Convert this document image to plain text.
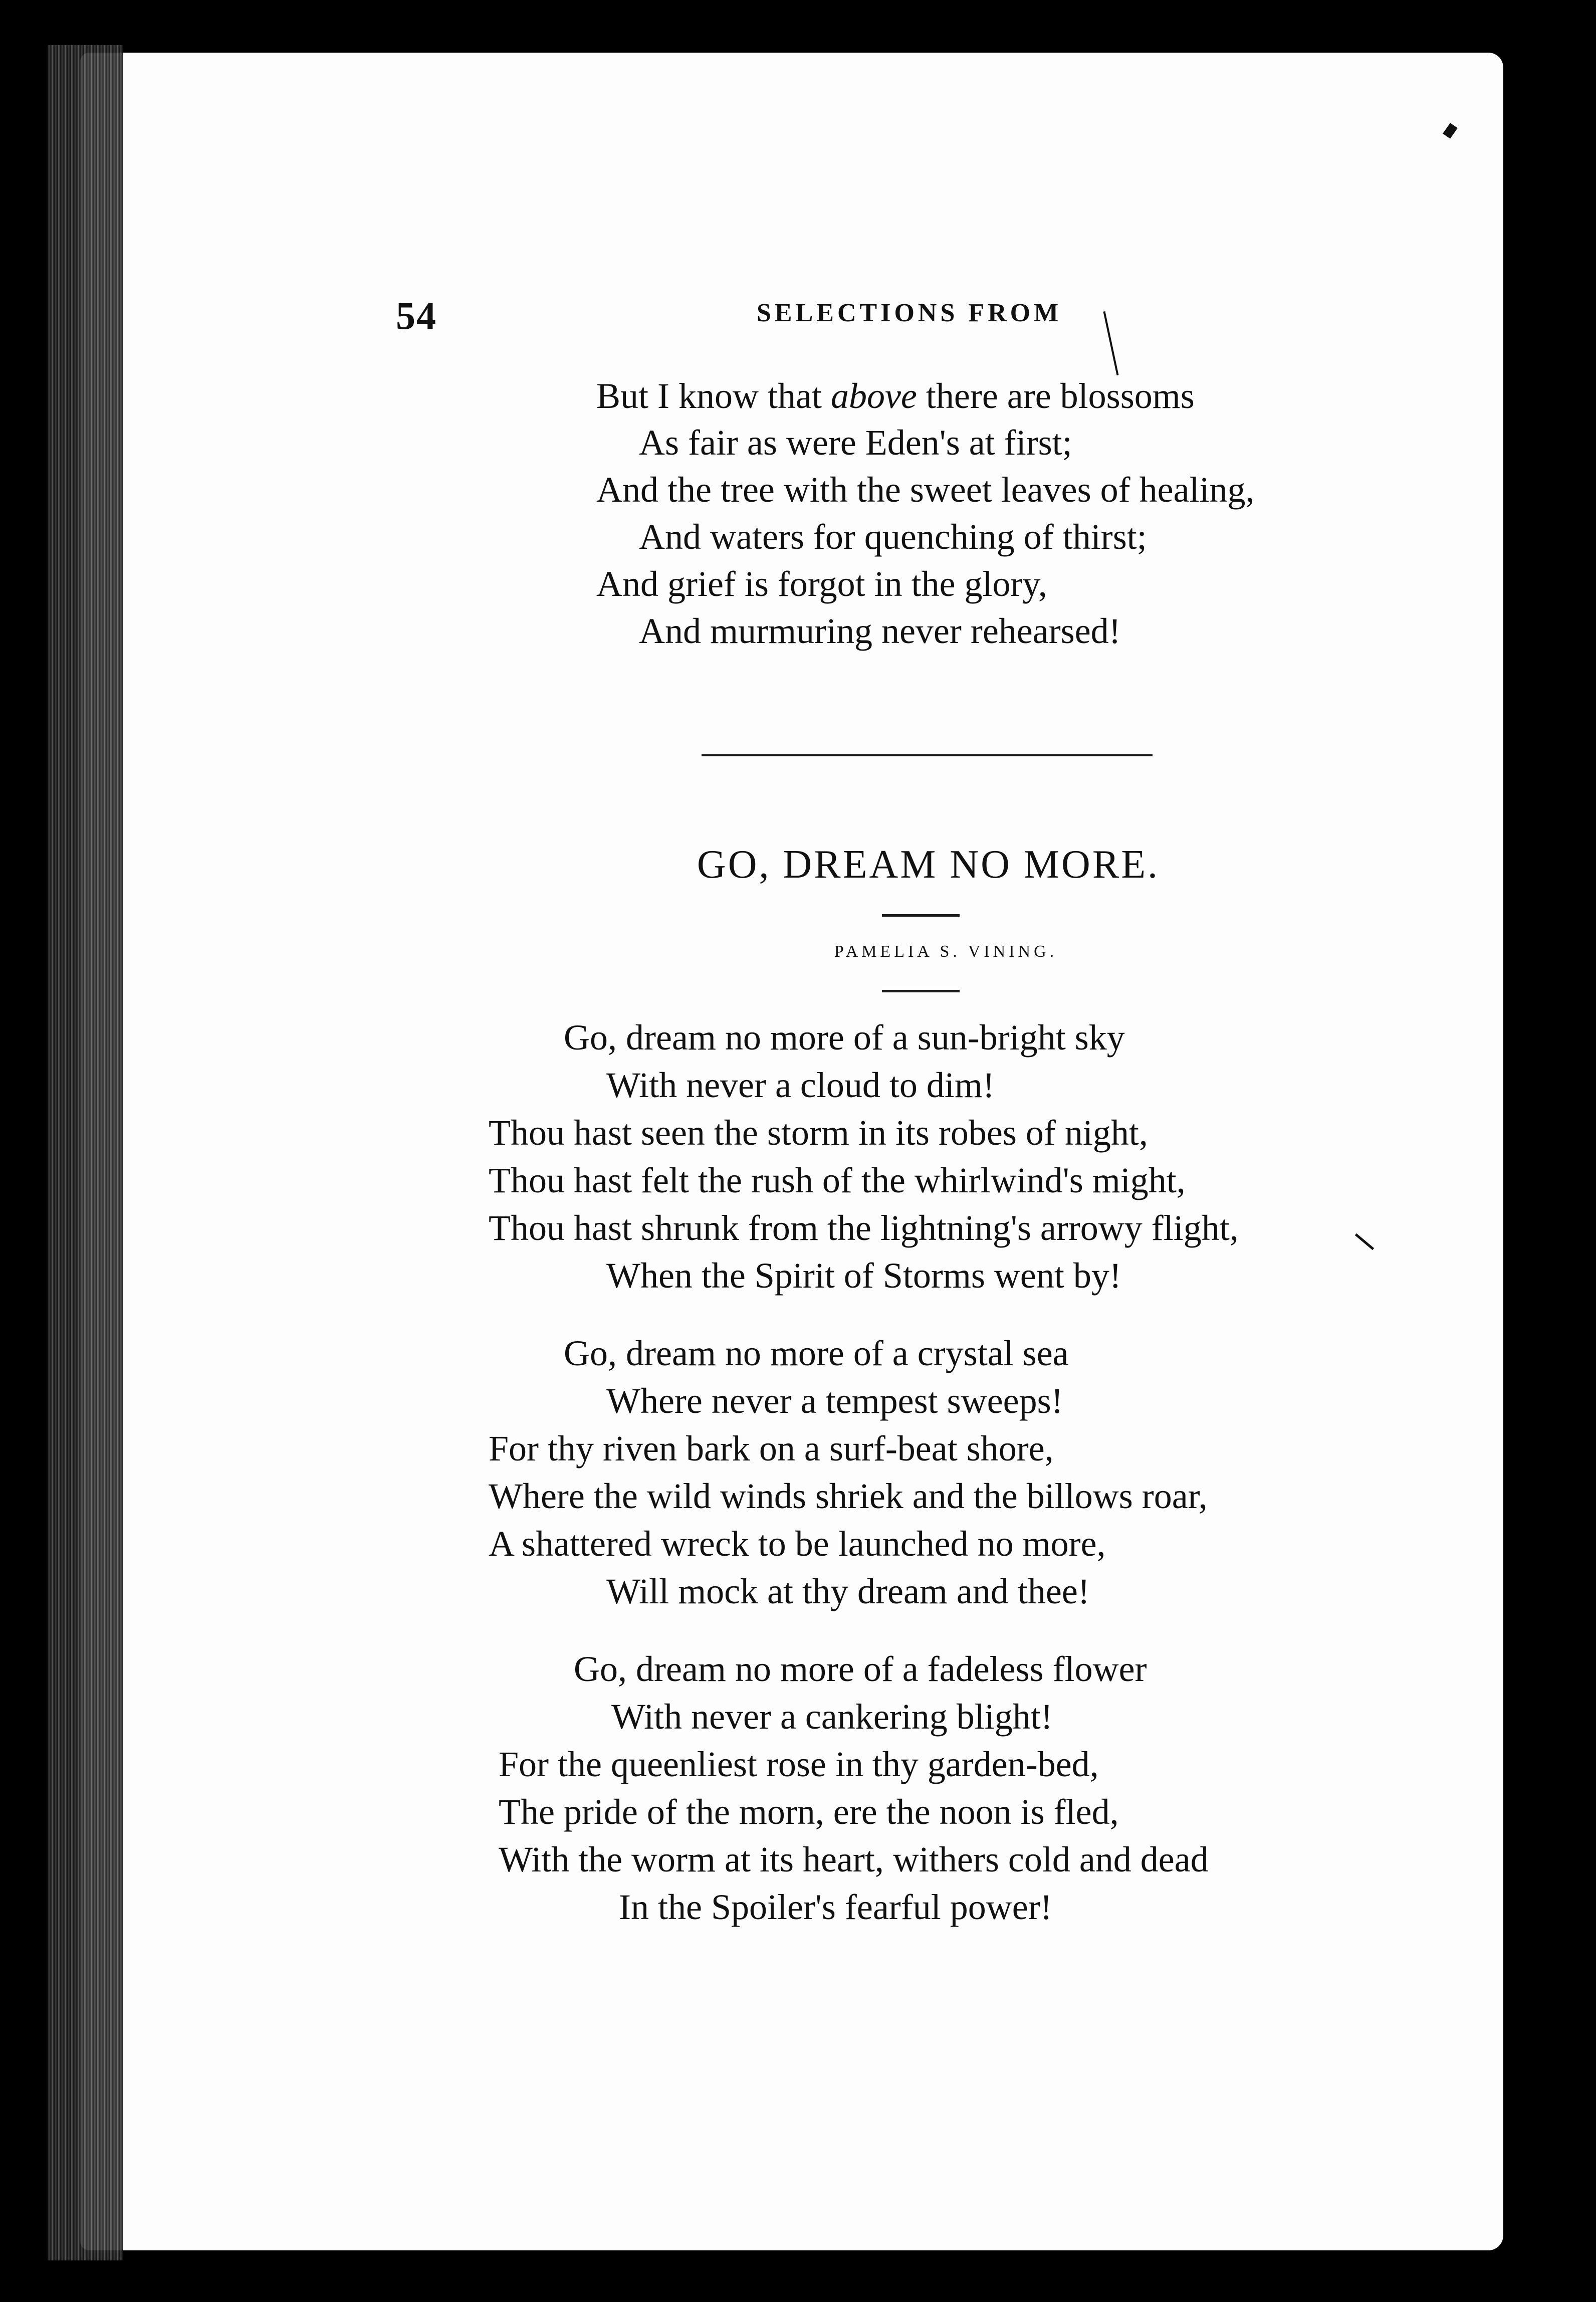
54	SELECTIONS FROM
But I know that above there are blossoms
As fair as were Eden's at first;
And the tree with the sweet leaves of healing,
And waters for quenching of thirst;
And grief is forgot in the glory,
And murmuring never rehearsed!
GO, DREAM NO MORE.
PAMELIA S. VINING.
Go, dream no more of a sun-bright sky
With never a cloud to dim!
Thou hast seen the storm in its robes of night,
Thou hast felt the rush of the whirlwind's might,
Thou hast shrunk from the lightning's arrowy flight,
When the Spirit of Storms went by!
Go, dream no more of a crystal sea
Where never a tempest sweeps!
For thy riven bark on a surf-beat shore,
Where the wild winds shriek and the billows roar,
A shattered wreck to be launched no more,
Will mock at thy dream and thee!
Go, dream no more of a fadeless flower
With never a cankering blight!
For the queenliest rose in thy garden-bed,
The pride of the morn, ere the noon is fled,
With the worm at its heart, withers cold and dead
In the Spoiler's fearful power!
